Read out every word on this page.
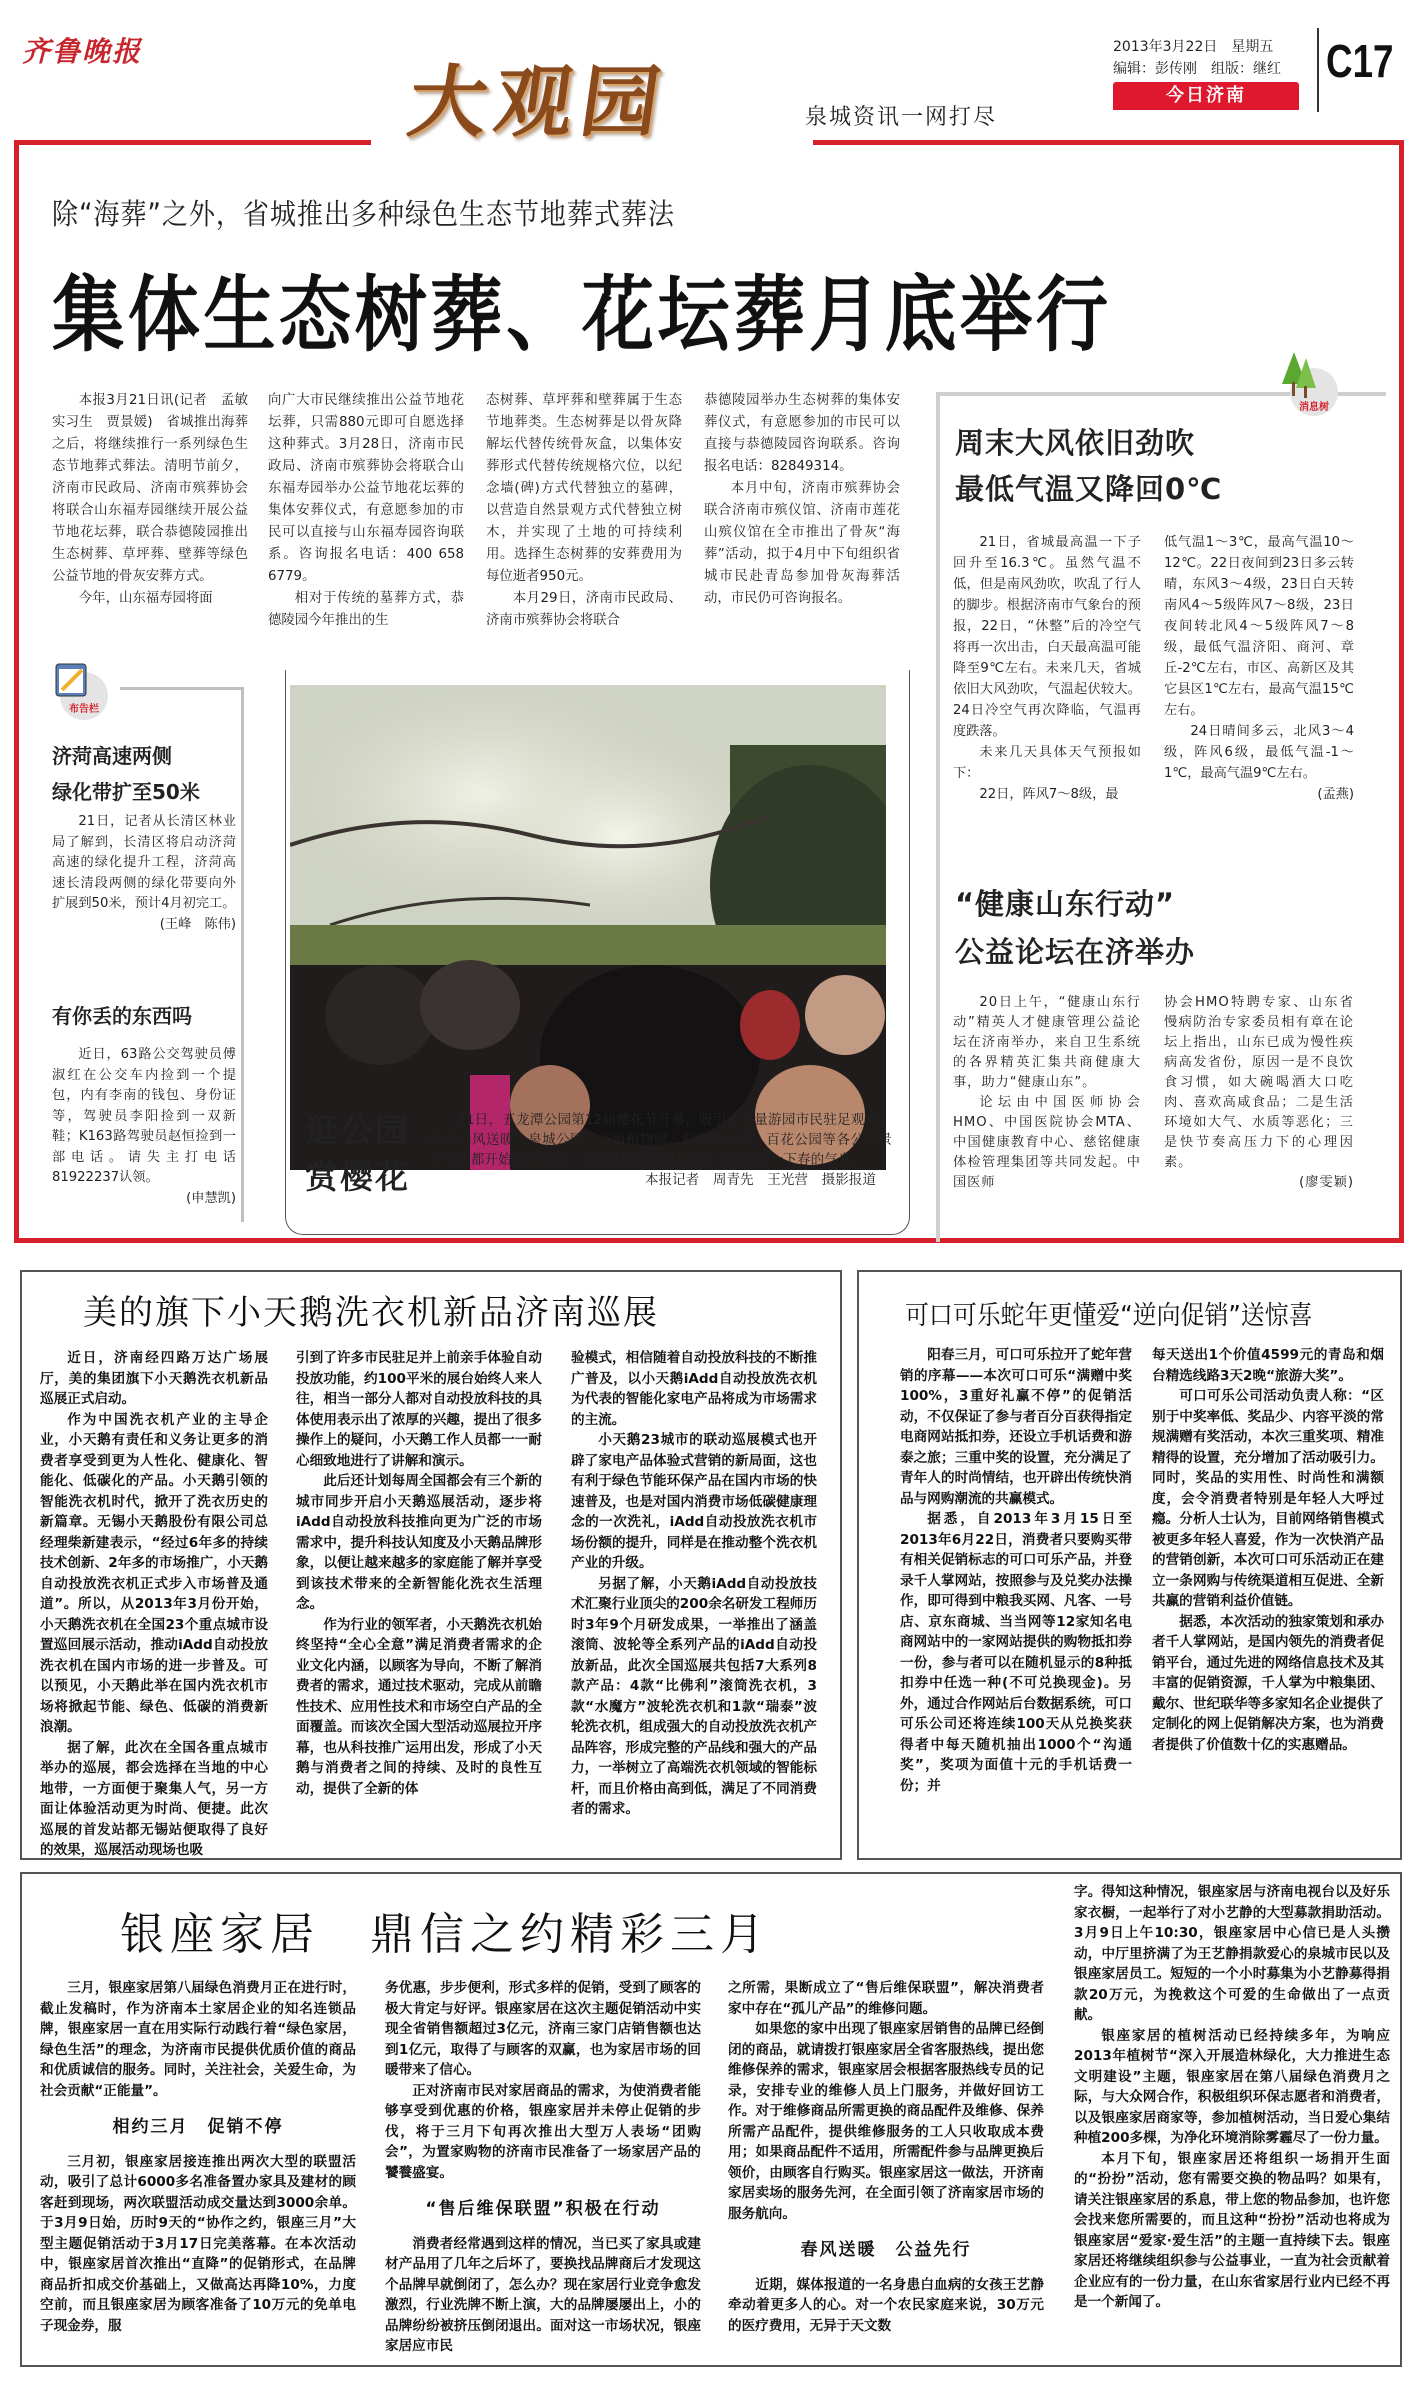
齐鲁晚报
大观园	泉城资讯一网打尽
2013年3月22日　星期五
编辑：彭传刚　组版：继红
今日济南
C17
除“海葬”之外，省城推出多种绿色生态节地葬式葬法
集体生态树葬、花坛葬月底举行

本报3月21日讯(记者　孟敏　实习生　贾景媛)　省城推出海葬之后，将继续推行一系列绿色生态节地葬式葬法。清明节前夕，济南市民政局、济南市殡葬协会将联合山东福寿园继续开展公益节地花坛葬，联合恭德陵园推出生态树葬、草坪葬、壁葬等绿色公益节地的骨灰安葬方式。

今年，山东福寿园将面

向广大市民继续推出公益节地花坛葬，只需880元即可自愿选择这种葬式。3月28日，济南市民政局、济南市殡葬协会将联合山东福寿园举办公益节地花坛葬的集体安葬仪式，有意愿参加的市民可以直接与山东福寿园咨询联系。咨询报名电话：400 658 6779。

相对于传统的墓葬方式，恭德陵园今年推出的生

态树葬、草坪葬和壁葬属于生态节地葬类。生态树葬是以骨灰降解坛代替传统骨灰盒，以集体安葬形式代替传统规格穴位，以纪念墙(碑)方式代替独立的墓碑，以营造自然景观方式代替独立树木，并实现了土地的可持续利用。选择生态树葬的安葬费用为每位逝者950元。

本月29日，济南市民政局、济南市殡葬协会将联合

恭德陵园举办生态树葬的集体安葬仪式，有意愿参加的市民可以直接与恭德陵园咨询联系。咨询报名电话：82849314。

本月中旬，济南市殡葬协会联合济南市殡仪馆、济南市莲花山殡仪馆在全市推出了骨灰“海葬”活动，拟于4月中下旬组织省城市民赴青岛参加骨灰海葬活动，市民仍可咨询报名。

消息树
周末大风依旧劲吹
最低气温又降回0℃

21日，省城最高温一下子回升至16.3℃。虽然气温不低，但是南风劲吹，吹乱了行人的脚步。根据济南市气象台的预报，22日，“休整”后的冷空气将再一次出击，白天最高温可能降至9℃左右。未来几天，省城依旧大风劲吹，气温起伏较大。24日冷空气再次降临，气温再度跌落。

未来几天具体天气预报如下：

22日，阵风7～8级，最

低气温1～3℃，最高气温10～12℃。22日夜间到23日多云转晴，东风3～4级，23日白天转南风4～5级阵风7～8级，23日夜间转北风4～5级阵风7～8级，最低气温济阳、商河、章丘-2℃左右，市区、高新区及其它县区1℃左右，最高气温15℃左右。

24日晴间多云，北风3～4级，阵风6级，最低气温-1～1℃，最高气温9℃左右。

(孟燕)
“健康山东行动”
公益论坛在济举办

20日上午，“健康山东行动”精英人才健康管理公益论坛在济南举办，来自卫生系统的各界精英汇集共商健康大事，助力“健康山东”。

论坛由中国医师协会HMO、中国医院协会MTA、中国健康教育中心、慈铭健康体检管理集团等共同发起。中国医师

协会HMO特聘专家、山东省慢病防治专家委员相有章在论坛上指出，山东已成为慢性疾病高发省份，原因一是不良饮食习惯，如大碗喝酒大口吃肉、喜欢高咸食品；二是生活环境如大气、水质等恶化；三是快节奏高压力下的心理因素。

(廖雯颖)
布告栏
济菏高速两侧
绿化带扩至50米

21日，记者从长清区林业局了解到，长清区将启动济菏高速的绿化提升工程，济菏高速长清段两侧的绿化带要向外扩展到50米，预计4月初完工。

(王峰　陈伟)
有你丢的东西吗

近日，63路公交驾驶员傅淑红在公交车内捡到一个提包，内有李南的钱包、身份证等，驾驶员李阳捡到一双新鞋；K163路驾驶员赵恒捡到一部电话。请失主打电话81922237认领。

(申慧凯)
逛公园
赏樱花

21日，五龙潭公园第12届樱花节开幕，吸引了大量游园市民驻足观赏。随着春风送暖，泉城公园、济南植物园、趵突泉公园、百花公园等各公园景区里也都开始百花竞放，市民可以趁着周末和家人去感受一下春的气息。

本报记者　周青先　王光营　摄影报道
美的旗下小天鹅洗衣机新品济南巡展

近日，济南经四路万达广场展厅，美的集团旗下小天鹅洗衣机新品巡展正式启动。

作为中国洗衣机产业的主导企业，小天鹅有责任和义务让更多的消费者享受到更为人性化、健康化、智能化、低碳化的产品。小天鹅引领的智能洗衣机时代，掀开了洗衣历史的新篇章。无锡小天鹅股份有限公司总经理柴新建表示，“经过6年多的持续技术创新、2年多的市场推广，小天鹅自动投放洗衣机正式步入市场普及通道”。所以，从2013年3月份开始，小天鹅洗衣机在全国23个重点城市设置巡回展示活动，推动iAdd自动投放洗衣机在国内市场的进一步普及。可以预见，小天鹅此举在国内洗衣机市场将掀起节能、绿色、低碳的消费新浪潮。

据了解，此次在全国各重点城市举办的巡展，都会选择在当地的中心地带，一方面便于聚集人气，另一方面让体验活动更为时尚、便捷。此次巡展的首发站都无锡站便取得了良好的效果，巡展活动现场也吸

引到了许多市民驻足并上前亲手体验自动投放功能，约100平米的展台始终人来人往，相当一部分人都对自动投放科技的具体使用表示出了浓厚的兴趣，提出了很多操作上的疑问，小天鹅工作人员都一一耐心细致地进行了讲解和演示。

此后还计划每周全国都会有三个新的城市同步开启小天鹅巡展活动，逐步将iAdd自动投放科技推向更为广泛的市场需求中，提升科技认知度及小天鹅品牌形象，以便让越来越多的家庭能了解并享受到该技术带来的全新智能化洗衣生活理念。

作为行业的领军者，小天鹅洗衣机始终坚持“全心全意”满足消费者需求的企业文化内涵，以顾客为导向，不断了解消费者的需求，通过技术驱动，完成从前瞻性技术、应用性技术和市场空白产品的全面覆盖。而该次全国大型活动巡展拉开序幕，也从科技推广运用出发，形成了小天鹅与消费者之间的持续、及时的良性互动，提供了全新的体

验模式，相信随着自动投放科技的不断推广普及，以小天鹅iAdd自动投放洗衣机为代表的智能化家电产品将成为市场需求的主流。

小天鹅23城市的联动巡展模式也开辟了家电产品体验式营销的新局面，这也有利于绿色节能环保产品在国内市场的快速普及，也是对国内消费市场低碳健康理念的一次洗礼，iAdd自动投放洗衣机市场份额的提升，同样是在推动整个洗衣机产业的升级。

另据了解，小天鹅iAdd自动投放技术汇聚行业顶尖的200余名研发工程师历时3年9个月研发成果，一举推出了涵盖滚筒、波轮等全系列产品的iAdd自动投放新品，此次全国巡展共包括7大系列8款产品：4款“比佛利”滚筒洗衣机，3款“水魔方”波轮洗衣机和1款“瑞泰”波轮洗衣机，组成强大的自动投放洗衣机产品阵容，形成完整的产品线和强大的产品力，一举树立了高端洗衣机领域的智能标杆，而且价格由高到低，满足了不同消费者的需求。

可口可乐蛇年更懂爱“逆向促销”送惊喜

阳春三月，可口可乐拉开了蛇年营销的序幕——本次可口可乐“满赠中奖100%，3重好礼赢不停”的促销活动，不仅保证了参与者百分百获得指定电商网站抵扣券，还设立手机话费和游泰之旅；三重中奖的设置，充分满足了青年人的时尚情结，也开辟出传统快消品与网购潮流的共赢模式。

据悉，自2013年3月15日至2013年6月22日，消费者只要购买带有相关促销标志的可口可乐产品，并登录千人掌网站，按照参与及兑奖办法操作，即可得到中粮我买网、凡客、一号店、京东商城、当当网等12家知名电商网站中的一家网站提供的购物抵扣券一份，参与者可以在随机显示的8种抵扣券中任选一种(不可兑换现金)。另外，通过合作网站后台数据系统，可口可乐公司还将连续100天从兑换奖获得者中每天随机抽出1000个“沟通奖”，奖项为面值十元的手机话费一份；并

每天送出1个价值4599元的青岛和烟台精选线路3天2晚“旅游大奖”。

可口可乐公司活动负责人称：“区别于中奖率低、奖品少、内容平淡的常规满赠有奖活动，本次三重奖项、精准精得的设置，充分增加了活动吸引力。同时，奖品的实用性、时尚性和满额度，会令消费者特别是年轻人大呼过瘾。分析人士认为，目前网络销售模式被更多年轻人喜爱，作为一次快消产品的营销创新，本次可口可乐活动正在建立一条网购与传统渠道相互促进、全新共赢的营销利益价值链。

据悉，本次活动的独家策划和承办者千人掌网站，是国内领先的消费者促销平台，通过先进的网络信息技术及其丰富的促销资源，千人掌为中粮集团、戴尔、世纪联华等多家知名企业提供了定制化的网上促销解决方案，也为消费者提供了价值数十亿的实惠赠品。

银座家居　鼎信之约精彩三月

三月，银座家居第八届绿色消费月正在进行时，截止发稿时，作为济南本土家居企业的知名连锁品牌，银座家居一直在用实际行动践行着“绿色家居，绿色生活”的理念，为济南市民提供优质价值的商品和优质诚信的服务。同时，关注社会，关爱生命，为社会贡献“正能量”。

相约三月　促销不停

三月初，银座家居接连推出两次大型的联盟活动，吸引了总计6000多名准备置办家具及建材的顾客赶到现场，两次联盟活动成交量达到3000余单。于3月9日始，历时9天的“协作之约，银座三月”大型主题促销活动于3月17日完美落幕。在本次活动中，银座家居首次推出“直降”的促销形式，在品牌商品折扣成交价基础上，又做高达再降10%，力度空前，而且银座家居为顾客准备了10万元的免单电子现金券，服

务优惠，步步便利，形式多样的促销，受到了顾客的极大肯定与好评。银座家居在这次主题促销活动中实现全省销售额超过3亿元，济南三家门店销售额也达到1亿元，取得了与顾客的双赢，也为家居市场的回暖带来了信心。

正对济南市民对家居商品的需求，为使消费者能够享受到优惠的价格，银座家居并未停止促销的步伐，将于三月下旬再次推出大型万人表场“团购会”，为置家购物的济南市民准备了一场家居产品的饕餮盛宴。

“售后维保联盟”积极在行动

消费者经常遇到这样的情况，当已买了家具或建材产品用了几年之后坏了，要换找品牌商后才发现这个品牌早就倒闭了，怎么办？现在家居行业竞争愈发激烈，行业洗牌不断上演，大的品牌屡屡出上，小的品牌纷纷被挤压倒闭退出。面对这一市场状况，银座家居应市民

之所需，果断成立了“售后维保联盟”，解决消费者家中存在“孤儿产品”的维修问题。

如果您的家中出现了银座家居销售的品牌已经倒闭的商品，就请拨打银座家居全省客服热线，提出您维修保养的需求，银座家居会根据客服热线专员的记录，安排专业的维修人员上门服务，并做好回访工作。对于维修商品所需更换的商品配件及维修、保养所需产品配件，提供维修服务的工人只收取成本费用；如果商品配件不适用，所需配件参与品牌更换后领价，由顾客自行购买。银座家居这一做法，开济南家居卖场的服务先河，在全面引领了济南家居市场的服务航向。

春风送暖　公益先行

近期，媒体报道的一名身患白血病的女孩王艺静牵动着更多人的心。对一个农民家庭来说，30万元的医疗费用，无异于天文数

字。得知这种情况，银座家居与济南电视台以及好乐家衣橱，一起举行了对小艺静的大型募款捐助活动。3月9日上午10:30，银座家居中心信已是人头攒动，中厅里挤满了为王艺静捐款爱心的泉城市民以及银座家居员工。短短的一个小时募集为小艺静募得捐款20万元，为挽救这个可爱的生命做出了一点贡献。

银座家居的植树活动已经持续多年，为响应2013年植树节“深入开展造林绿化，大力推进生态文明建设”主题，银座家居在第八届绿色消费月之际，与大众网合作，积极组织环保志愿者和消费者，以及银座家居商家等，参加植树活动，当日爱心集结种植200多棵，为净化环境消除雾霾尽了一份力量。

本月下旬，银座家居还将组织一场捐开生面的“扮扮”活动，您有需要交换的物品吗？如果有，请关注银座家居的系息，带上您的物品参加，也许您会找来您所需要的，而且这种“扮扮”活动也将成为银座家居“爱家·爱生活”的主题一直持续下去。银座家居还将继续组织参与公益事业，一直为社会贡献着企业应有的一份力量，在山东省家居行业内已经不再是一个新闻了。
